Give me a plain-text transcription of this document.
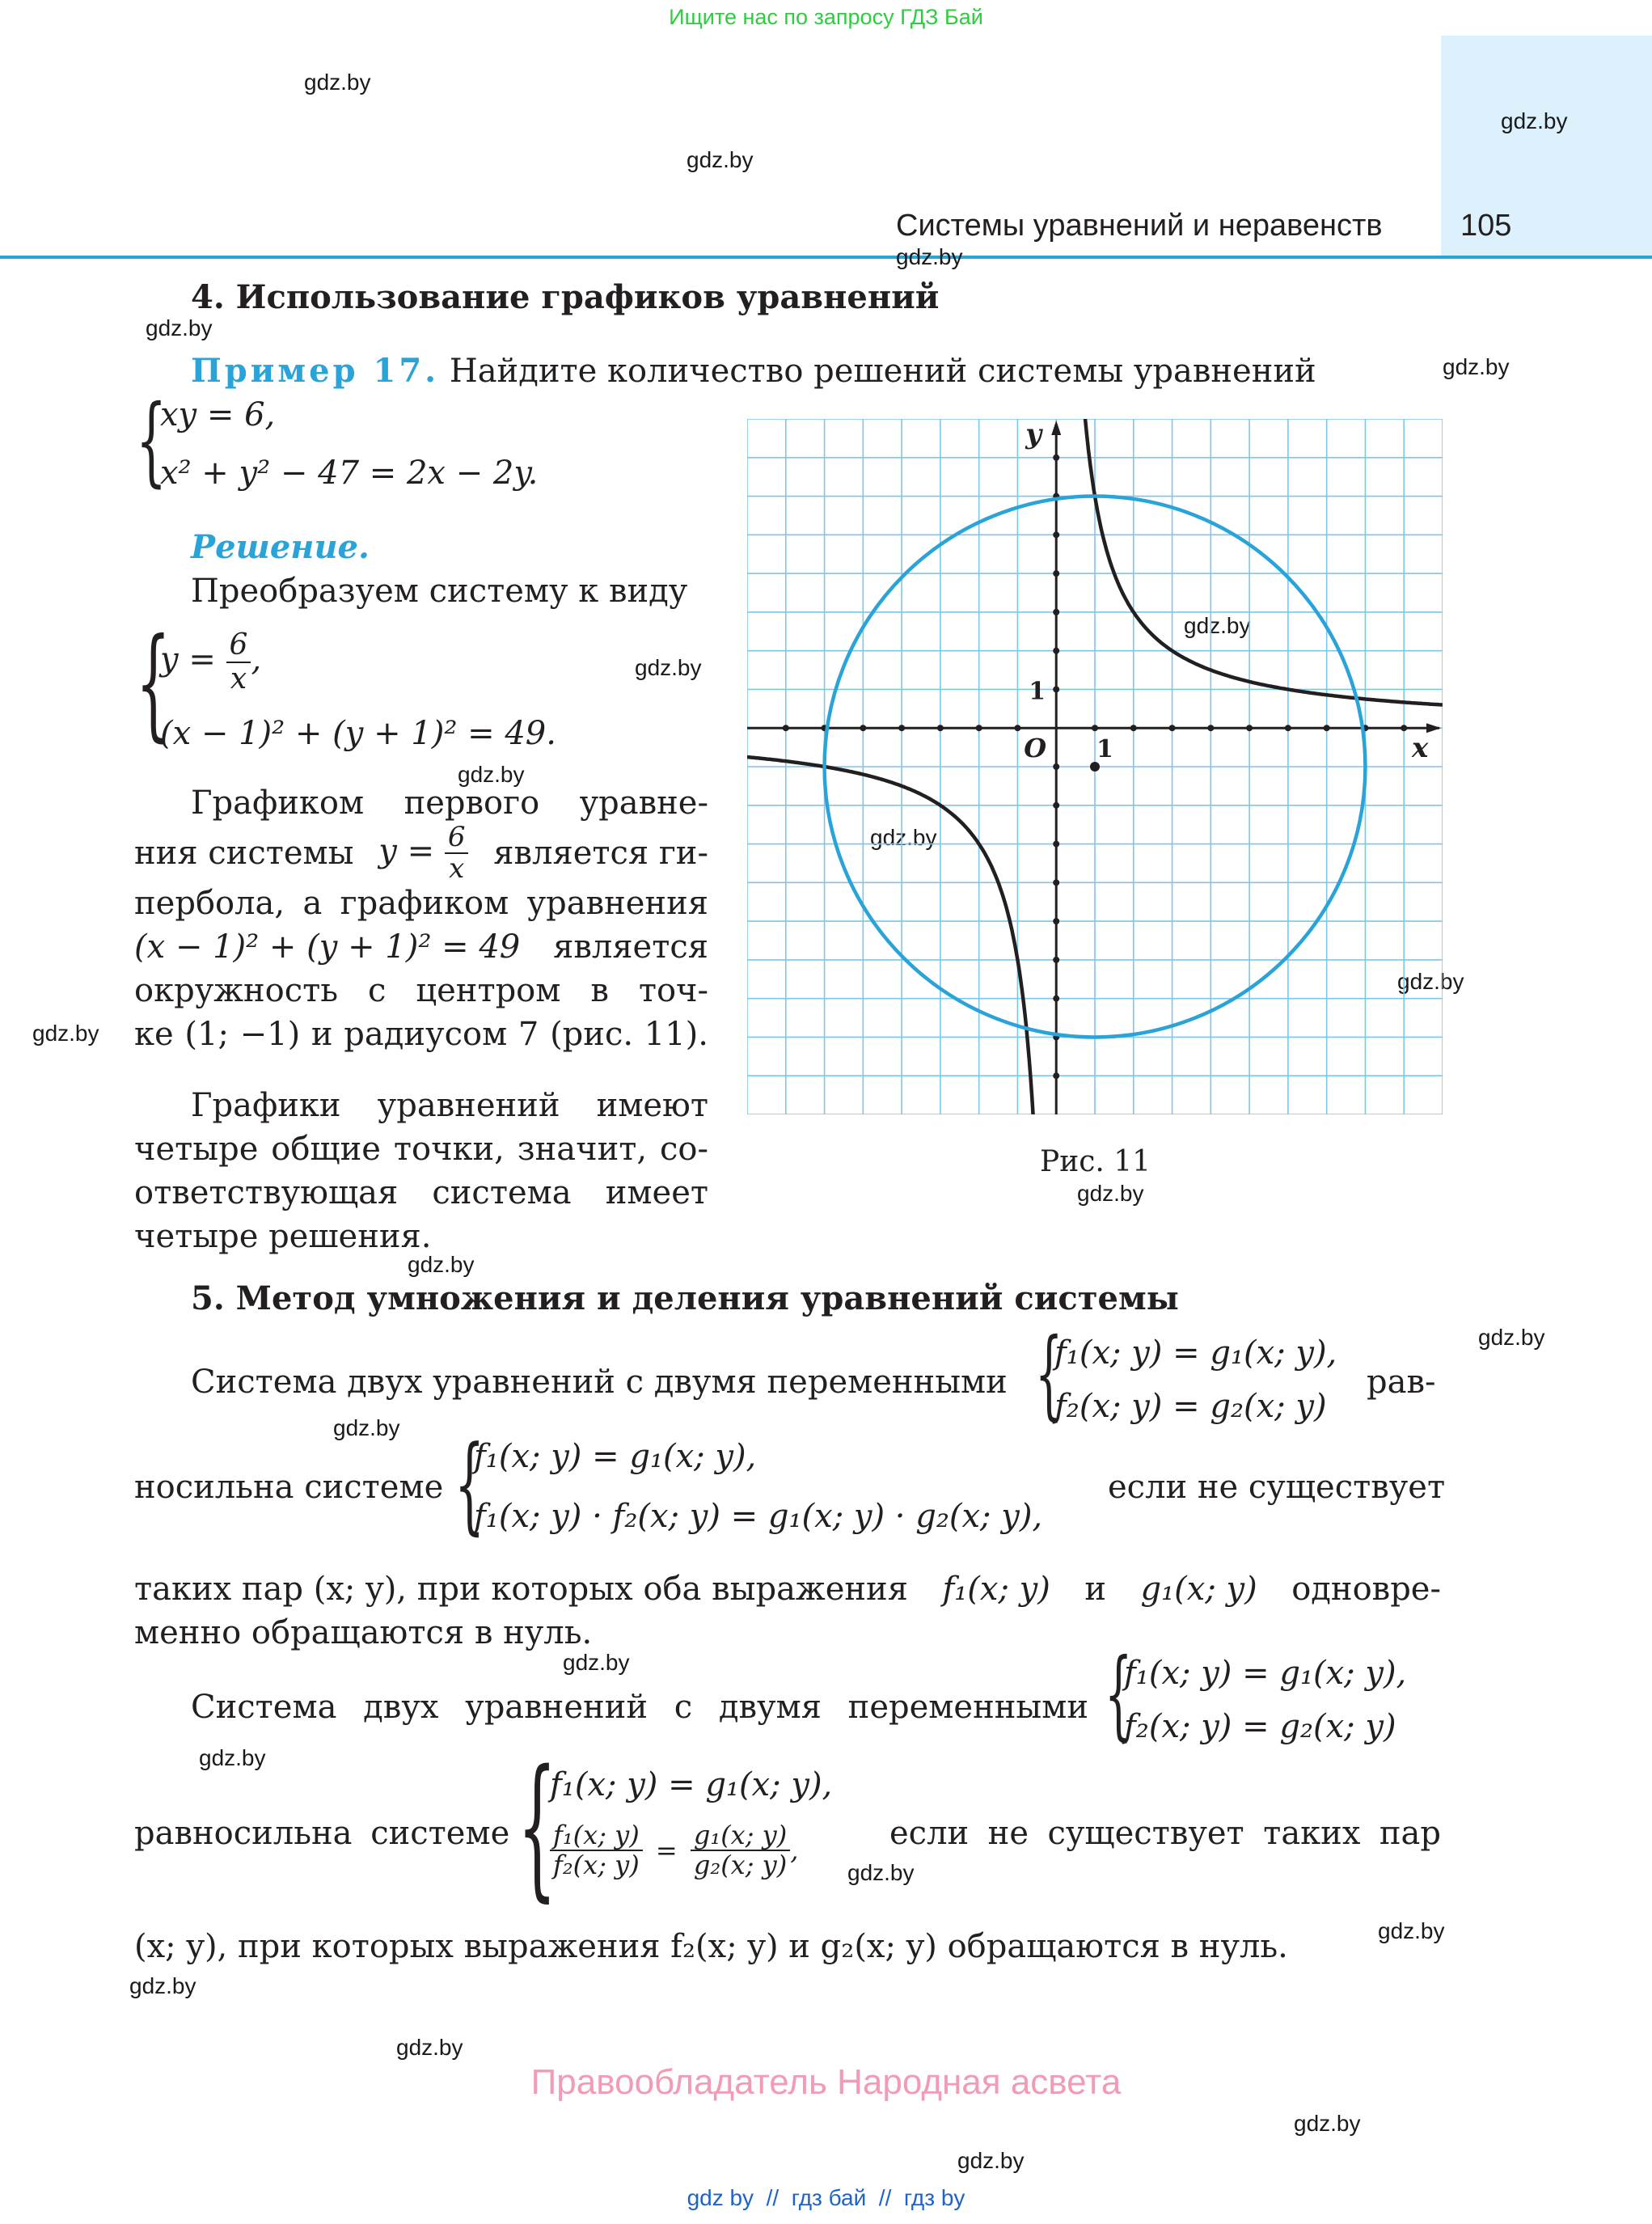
Ищите нас по запросу ГДЗ Бай
Системы уравнений и неравенств	105
gdz.by
gdz.by
gdz.by
gdz.by
gdz.by
gdz.by
gdz.by
gdz.by
gdz.by
gdz.by
gdz.by
gdz.by
gdz.by
gdz.by
gdz.by
gdz.by
gdz.by
gdz.by
gdz.by
gdz.by
gdz.by
gdz.by
gdz.by
gdz.by
4. Использование графиков уравнений
Пример 17. Найдите количество решений системы уравнений
{
xy = 6,
x² + y² − 47 = 2x − 2y.
Решение.
Преобразуем систему к виду
{
$y = \frac{6}{x}$ ,
(x − 1)² + (y + 1)² = 49.
Графиком первого уравне-
ния системы $y = \frac{6}{x}$ является ги-
пербола, а графиком уравнения
(x − 1)² + (y + 1)² = 49 является
окружность с центром в точ-
ке (1; −1) и радиусом 7 (рис. 11).
Графики уравнений имеют
четыре общие точки, значит, со-
ответствующая система имеет
четыре решения.
x
y
O 1
1
Рис. 11
5. Метод умножения и деления уравнений системы
Система двух уравнений с двумя переменными {
f₁(x; y) = g₁(x; y),
f₂(x; y) = g₂(x; y)
рав-
носильна системе {
f₁(x; y) = g₁(x; y),
f₁(x; y) · f₂(x; y) = g₁(x; y) · g₂(x; y),
если не существует
таких пар (x; y), при которых оба выражения f₁(x; y) и g₁(x; y) одновре-
менно обращаются в нуль.
Система двух уравнений с двумя переменными {
f₁(x; y) = g₁(x; y),
f₂(x; y) = g₂(x; y)
равносильна системе {
f₁(x; y) = g₁(x; y),
$\frac{\text{f₁(x; y)}}{\text{f₂(x; y)}} = \frac{\text{g₁(x; y)}}{\text{g₂(x; y)}}$ ,	если не существует таких пар
(x; y), при которых выражения f₂(x; y) и g₂(x; y) обращаются в нуль.
Правообладатель Народная асвета
gdz by  //  гдз бай  //  гдз by
